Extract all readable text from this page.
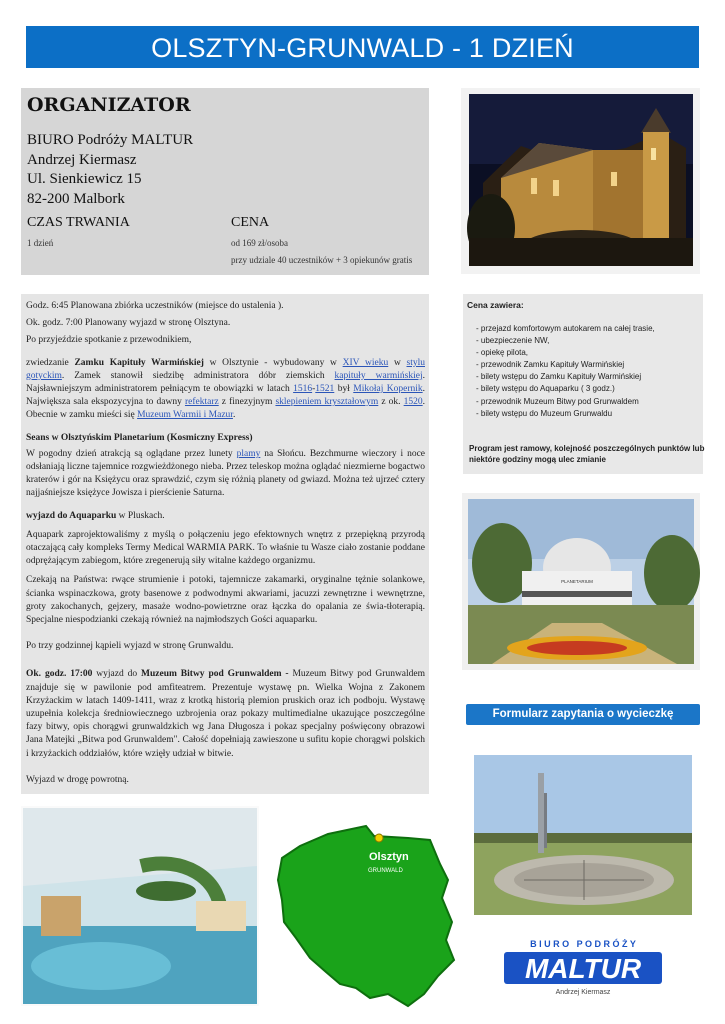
OLSZTYN-GRUNWALD - 1 DZIEŃ
ORGANIZATOR
BIURO Podróży MALTUR
Andrzej Kiermasz
Ul. Sienkiewicz 15
82-200 Malbork
CZAS TRWANIA
1 dzień
CENA
od 169 zł/osoba
przy udziale 40 uczestników + 3 opiekunów gratis

Godz. 6:45 Planowana zbiórka uczestników (miejsce do ustalenia ).

Ok. godz. 7:00 Planowany wyjazd w stronę Olsztyna.

Po przyjeździe spotkanie z przewodnikiem,

zwiedzanie Zamku Kapituły Warmińskiej w Olsztynie - wybudowany w XIV wieku w stylu gotyckim. Zamek stanowił siedzibę administratora dóbr ziemskich kapituły warmińskiej. Najsławniejszym administratorem pełniącym te obowiązki w latach 1516-1521 był Mikołaj Kopernik. Największa sala ekspozycyjna to dawny refektarz z finezyjnym sklepieniem kryształowym z ok. 1520. Obecnie w zamku mieści się Muzeum Warmii i Mazur.

Seans w Olsztyńskim Planetarium (Kosmiczny Express)

W pogodny dzień atrakcją są oglądane przez lunety plamy na Słońcu. Bezchmurne wieczory i noce odsłaniają liczne tajemnice rozgwieżdżonego nieba. Przez teleskop można oglądać niezmierne bogactwo kraterów i gór na Księżycu oraz sprawdzić, czym się różnią planety od gwiazd. Można też ujrzeć cztery najjaśniejsze księżyce Jowisza i pierścienie Saturna.

wyjazd do Aquaparku w Pluskach.

Aquapark zaprojektowaliśmy z myślą o połączeniu jego efektownych wnętrz z przepiękną przyrodą otaczającą cały kompleks Termy Medical WARMIA PARK. To właśnie tu Wasze ciało zostanie poddane odprężającym zabiegom, które zregenerują siły witalne każdego organizmu.

Czekają na Państwa: rwące strumienie i potoki, tajemnicze zakamarki, oryginalne tężnie solankowe, ścianka wspinaczkowa, groty basenowe z podwodnymi akwariami, jacuzzi zewnętrzne i wewnętrzne, groty zakochanych, gejzery, masaże wodno-powietrzne oraz łączka do opalania ze świa-tłoterapią. Specjalne niespodzianki czekają również na najmłodszych Gości aquaparku.

Po trzy godzinnej kąpieli wyjazd w stronę Grunwaldu.

Ok. godz. 17:00 wyjazd do Muzeum Bitwy pod Grunwaldem - Muzeum Bitwy pod Grunwaldem znajduje się w pawilonie pod amfiteatrem. Prezentuje wystawę pn. Wielka Wojna z Zakonem Krzyżackim w latach 1409-1411, wraz z krotką historią plemion pruskich oraz ich podboju. Wystawę uzupełnia kolekcja średniowiecznego uzbrojenia oraz pokazy multimedialne ukazujące poszczególne fazy bitwy, opis chorągwi grunwaldzkich wg Jana Długosza i pokaz specjalny poświęcony obrazowi Jana Matejki „Bitwa pod Grunwaldem". Całość dopełniają zawieszone u sufitu kopie chorągwi polskich i krzyżackich oddziałów, które wzięły udział w bitwie.

Wyjazd w drogę powrotną.

Cena zawiera:
- przejazd komfortowym autokarem na całej trasie,
- ubezpieczenie NW,
- opiekę pilota,
- przewodnik Zamku Kapituły Warmińskiej
- bilety wstępu do Zamku Kapituły Warmińskiej
- bilety wstępu do Aquaparku ( 3 godz.)
- przewodnik Muzeum Bitwy pod Grunwaldem
- bilety wstępu do Muzeum Grunwaldu
Program jest ramowy, kolejność poszczególnych punktów lub niektóre godziny mogą ulec zmianie
PLANETARIUM
Formularz zapytania o wycieczkę
Olsztyn
GRUNWALD
B I U R O   P O D R Ó Ż Y
MALTUR
Andrzej Kiermasz
